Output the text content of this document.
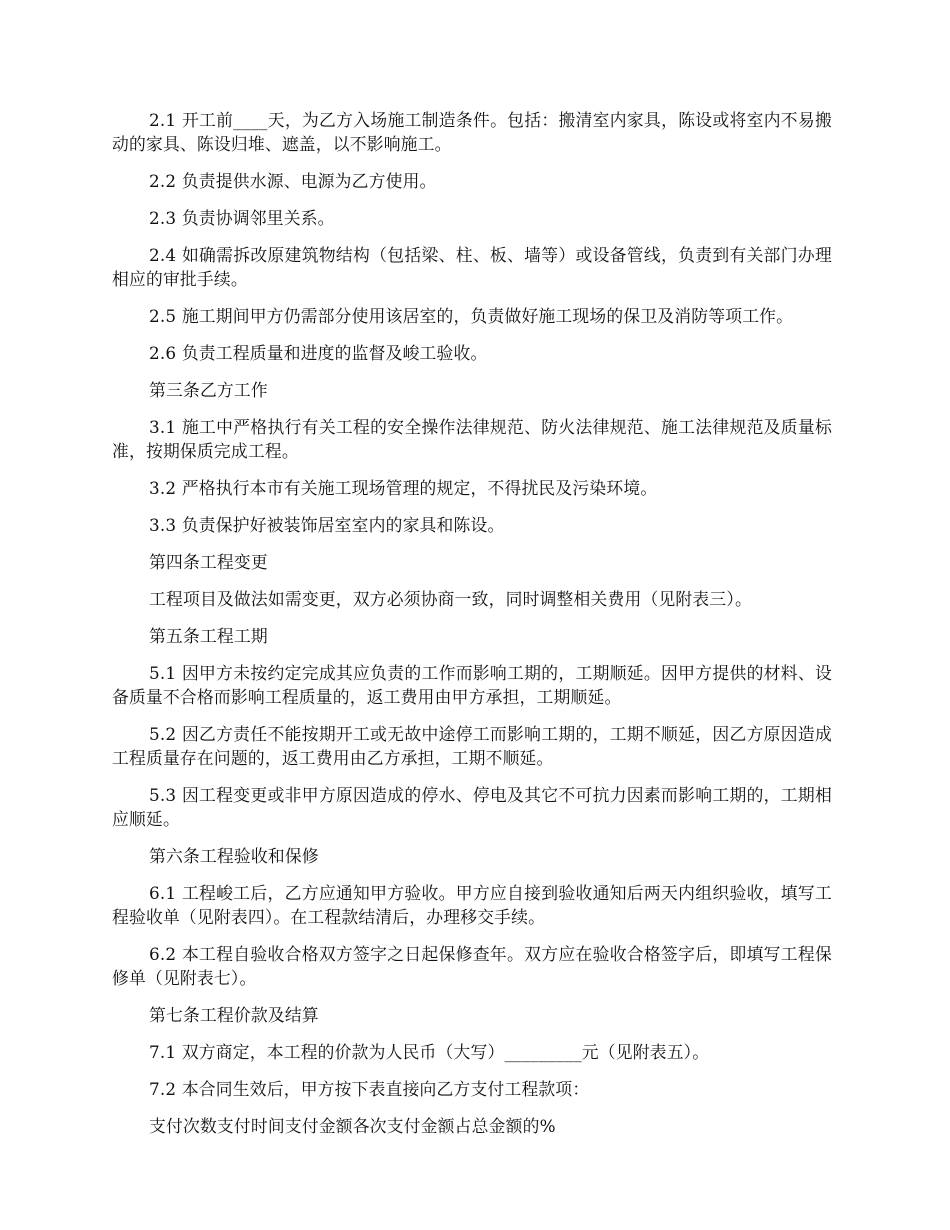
2.1 开工前____天，为乙方入场施工制造条件。包括：搬清室内家具，陈设或将室内不易搬动的家具、陈设归堆、遮盖，以不影响施工。

2.2 负责提供水源、电源为乙方使用。

2.3 负责协调邻里关系。

2.4 如确需拆改原建筑物结构（包括梁、柱、板、墙等）或设备管线，负责到有关部门办理相应的审批手续。

2.5 施工期间甲方仍需部分使用该居室的，负责做好施工现场的保卫及消防等项工作。

2.6 负责工程质量和进度的监督及峻工验收。

第三条乙方工作

3.1 施工中严格执行有关工程的安全操作法律规范、防火法律规范、施工法律规范及质量标准，按期保质完成工程。

3.2 严格执行本市有关施工现场管理的规定，不得扰民及污染环境。

3.3 负责保护好被装饰居室室内的家具和陈设。

第四条工程变更

工程项目及做法如需变更，双方必须协商一致，同时调整相关费用（见附表三）。

第五条工程工期

5.1 因甲方未按约定完成其应负责的工作而影响工期的，工期顺延。因甲方提供的材料、设备质量不合格而影响工程质量的，返工费用由甲方承担，工期顺延。

5.2 因乙方责任不能按期开工或无故中途停工而影响工期的，工期不顺延，因乙方原因造成工程质量存在问题的，返工费用由乙方承担，工期不顺延。

5.3 因工程变更或非甲方原因造成的停水、停电及其它不可抗力因素而影响工期的，工期相应顺延。

第六条工程验收和保修

6.1 工程峻工后，乙方应通知甲方验收。甲方应自接到验收通知后两天内组织验收，填写工程验收单（见附表四）。在工程款结清后，办理移交手续。

6.2 本工程自验收合格双方签字之日起保修查年。双方应在验收合格签字后，即填写工程保修单（见附表七）。

第七条工程价款及结算

7.1 双方商定，本工程的价款为人民币（大写）_________元（见附表五）。

7.2 本合同生效后，甲方按下表直接向乙方支付工程款项：

支付次数支付时间支付金额各次支付金额占总金额的%
